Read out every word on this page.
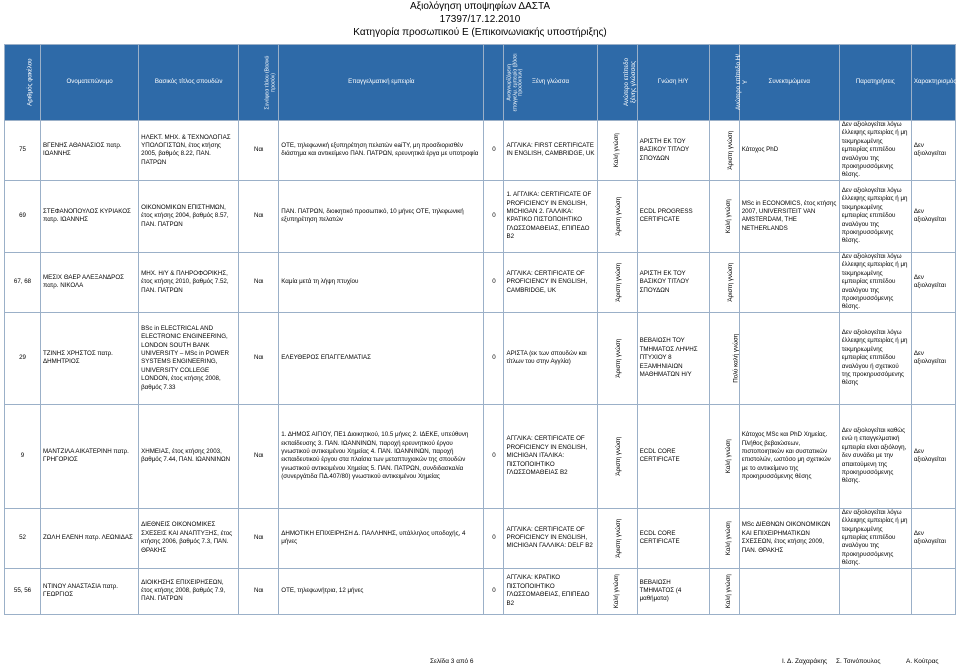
Αξιολόγηση υποψηφίων ΔΑΣΤΑ
17397/17.12.2010
Κατηγορία προσωπικού Ε (Επικοινωνιακής υποστήριξης)
Αριθμός φακέλου	Ονοματεπώνυμο	Βασικός τίτλος σπουδών	Συνάφεια τίτλου (Βασικό προσόν)	Επαγγελματική εμπειρία	Αναγνωρίζόμενη επαγγελμ. εμπειρία (βάσει προσόντων)	Ξένη γλώσσα	Ανώτερο επίπεδο ξένης γλώσσας	Γνώση Η/Υ	Ανώτερο επίπεδο Η/Υ	Συνεκτιμώμενα	Παρατηρήσεις	Χαρακτηρισμός
75	ΒΓΕΝΗΣ ΑΘΑΝΑΣΙΟΣ πατρ. ΙΩΑΝΝΗΣ	ΗΛΕΚΤ. ΜΗΧ. & ΤΕΧΝΟΛΟΓΙΑΣ ΥΠΟΛΟΓΙΣΤΩΝ, έτος κτήσης 2005, βαθμός 8.22, ΠΑΝ. ΠΑΤΡΩΝ	Ναι	ΟΤΕ, τηλεφωνική εξυπηρέτηση πελατών eaiTY, μη προσδιορισθέν διάστημα και αντικείμενο ΠΑΝ. ΠΑΤΡΩΝ, ερευνητικά έργα με υποτροφία	0	ΑΓΓΛΙΚΑ: FIRST CERTIFICATE IN ENGLISH, CAMBRIDGE, UK	Καλή γνώση	ΑΡΙΣΤΗ ΕΚ ΤΟΥ ΒΑΣΙΚΟΥ ΤΙΤΛΟΥ ΣΠΟΥΔΩΝ	Άριστη γνώση	Κάτοχος PhD	Δεν αξιολογείται λόγω έλλειψης εμπειρίας ή μη τεκμηριωμένης εμπειρίας επιπέδου αναλόγου της προκηρυσσόμενης θέσης.	Δεν αξιολογείται
69	ΣΤΕΦΑΝΟΠΟΥΛΟΣ ΚΥΡΙΑΚΟΣ πατρ. ΙΩΑΝΝΗΣ	ΟΙΚΟΝΟΜΙΚΩΝ ΕΠΙΣΤΗΜΩΝ, έτος κτήσης 2004, βαθμός 8.57, ΠΑΝ. ΠΑΤΡΩΝ	Ναι	ΠΑΝ. ΠΑΤΡΩΝ, διοικητικό προσωπικό, 10 μήνες ΟΤΕ, τηλεφωνική εξυπηρέτηση πελατών	0	1. ΑΓΓΛΙΚΑ: CERTIFICATE OF PROFICIENCY IN ENGLISH, MICHIGAN 2. ΓΑΛΛΙΚΑ: ΚΡΑΤΙΚΟ ΠΙΣΤΟΠΟΙΗΤΙΚΟ ΓΛΩΣΣΟΜΑΘΕΙΑΣ, ΕΠΙΠΕΔΟ Β2	Άριστη γνώση	ECDL PROGRESS CERTIFICATE	Καλή γνώση	MSc in ECONOMICS, έτος κτήσης 2007, UNIVERSITEIT VAN AMSTERDAM, THE NETHERLANDS	Δεν αξιολογείται λόγω έλλειψης εμπειρίας ή μη τεκμηριωμένης εμπειρίας επιπέδου αναλόγου της προκηρυσσόμενης θέσης.	Δεν αξιολογείται
67, 68	ΜΕΣΙΧ ΘΑΕΡ ΑΛΕΞΑΝΔΡΟΣ πατρ. ΝΙΚΟΛΑ	ΜΗΧ. Η/Υ & ΠΛΗΡΟΦΟΡΙΚΗΣ, έτος κτήσης 2010, βαθμός 7.52, ΠΑΝ. ΠΑΤΡΩΝ	Ναι	Καμία μετά τη λήψη πτυχίου	0	ΑΓΓΛΙΚΑ: CERTIFICATE OF PROFICIENCY IN ENGLISH, CAMBRIDGE, UK	Άριστη γνώση	ΑΡΙΣΤΗ ΕΚ ΤΟΥ ΒΑΣΙΚΟΥ ΤΙΤΛΟΥ ΣΠΟΥΔΩΝ	Άριστη γνώση		Δεν αξιολογείται λόγω έλλειψης εμπειρίας ή μη τεκμηριωμένης εμπειρίας επιπέδου αναλόγου της προκηρυσσόμενης θέσης.	Δεν αξιολογείται
29	ΤΖΙΝΗΣ ΧΡΗΣΤΟΣ πατρ. ΔΗΜΗΤΡΙΟΣ	BSc in ELECTRICAL AND ELECTRONIC ENGINEERING, LONDON SOUTH BANK UNIVERSITY – MSc in POWER SYSTEMS ENGINEERING, UNIVERSITY COLLEGE LONDON, έτος κτήσης 2008, βαθμός 7.33	Ναι	ΕΛΕΥΘΕΡΟΣ ΕΠΑΓΓΕΛΜΑΤΙΑΣ	0	ΑΡΙΣΤΑ (εκ των σπουδών και τίτλων του στην Αγγλία)	Άριστη γνώση	ΒΕΒΑΙΩΣΗ ΤΟΥ ΤΜΗΜΑΤΟΣ ΛΗΨΗΣ ΠΤΥΧΙΟΥ 8 ΕΞΑΜΗΝΙΑΙΩΝ ΜΑΘΗΜΑΤΩΝ Η/Υ	Πολύ καλή γνώση		Δεν αξιολογείται λόγω έλλειψης εμπειρίας ή μη τεκμηριωμένης εμπειρίας επιπέδου αναλόγου ή σχετικού της προκηρυσσόμενης θέσης	Δεν αξιολογείται
9	ΜΑΝΤΖΙΛΑ ΑΙΚΑΤΕΡΙΝΗ πατρ. ΓΡΗΓΟΡΙΟΣ	ΧΗΜΕΙΑΣ, έτος κτήσης 2003, βαθμός 7.44, ΠΑΝ. ΙΩΑΝΝΙΝΩΝ	Ναι	1. ΔΗΜΟΣ ΑΙΓΙΟΥ, ΠΕ1 Διοικητικού, 10.5 μήνες 2. ΙΔΕΚΕ, υπεύθυνη εκπαίδευσης 3. ΠΑΝ. ΙΩΑΝΝΙΝΩΝ, παροχή ερευνητικού έργου γνωστικού αντικειμένου Χημείας 4. ΠΑΝ. ΙΩΑΝΝΙΝΩΝ, παροχή εκπαιδευτικού έργου στα πλαίσια των μεταπτυχιακών της σπουδών γνωστικού αντικειμένου Χημείας 5. ΠΑΝ. ΠΑΤΡΩΝ, συνδιδασκαλία (συνεργάτιδα ΠΔ.407/80) γνωστικού αντικειμένου Χημείας	0	ΑΓΓΛΙΚΑ: CERTIFICATE OF PROFICIENCY IN ENGLISH, MICHIGAN ΙΤΑΛΙΚΑ: ΠΙΣΤΟΠΟΙΗΤΙΚΟ ΓΛΩΣΣΟΜΑΘΕΙΑΣ Β2	Άριστη γνώση	ECDL CORE CERTIFICATE	Καλή γνώση	Κάτοχος MSc και PhD Χημείας. Πλήθος βεβαιώσεων, πιστοποιητικών και συστατικών επιστολών, ωστόσο μη σχετικών με το αντικείμενο της προκηρυσσόμενης θέσης	Δεν αξιολογείται καθώς ενώ η επαγγελματική εμπειρία είναι αξιόλογη, δεν συνάδει με την απαιτούμενη της προκηρυσσόμενης θέσης.	Δεν αξιολογείται
52	ΖΩΛΗ ΕΛΕΝΗ πατρ. ΛΕΩΝΙΔΑΣ	ΔΙΕΘΝΕΙΣ ΟΙΚΟΝΟΜΙΚΕΣ ΣΧΕΣΕΙΣ ΚΑΙ ΑΝΑΠΤΥΞΗΣ, έτος κτήσης 2006, βαθμός 7.3, ΠΑΝ. ΘΡΑΚΗΣ	Ναι	ΔΗΜΟΤΙΚΗ ΕΠΙΧΕΙΡΗΣΗ Δ. ΠΑΛΛΗΝΗΣ, υπάλληλος υποδοχής, 4 μήνες	0	ΑΓΓΛΙΚΑ: CERTIFICATE OF PROFICIENCY IN ENGLISH, MICHIGAN ΓΑΛΛΙΚΑ: DELF B2	Άριστη γνώση	ECDL CORE CERTIFICATE	Καλή γνώση	MSc ΔΙΕΘΝΩΝ ΟΙΚΟΝΟΜΙΚΩΝ ΚΑΙ ΕΠΙΧΕΙΡΗΜΑΤΙΚΩΝ ΣΧΕΣΕΩΝ, έτος κτήσης 2009, ΠΑΝ. ΘΡΑΚΗΣ	Δεν αξιολογείται λόγω έλλειψης εμπειρίας ή μη τεκμηριωμένης εμπειρίας επιπέδου αναλόγου της προκηρυσσόμενης θέσης.	Δεν αξιολογείται
55, 56	ΝΤΙΝΟΥ ΑΝΑΣΤΑΣΙΑ πατρ. ΓΕΩΡΓΙΟΣ	ΔΙΟΙΚΗΣΗΣ ΕΠΙΧΕΙΡΗΣΕΩΝ, έτος κτήσης 2008, βαθμός 7.9, ΠΑΝ. ΠΑΤΡΩΝ	Ναι	ΟΤΕ, τηλεφωνήτρια, 12 μήνες	0	ΑΓΓΛΙΚΑ: ΚΡΑΤΙΚΟ ΠΙΣΤΟΠΟΙΗΤΙΚΟ ΓΛΩΣΣΟΜΑΘΕΙΑΣ, ΕΠΙΠΕΔΟ Β2	Καλή γνώση	ΒΕΒΑΙΩΣΗ ΤΜΗΜΑΤΟΣ (4 μαθήματα)	Καλή γνώση			
Σελίδα 3 από 6	Ι. Δ. Ζαχαράκης Σ. Τσινόπουλος	Α. Κούτρας
